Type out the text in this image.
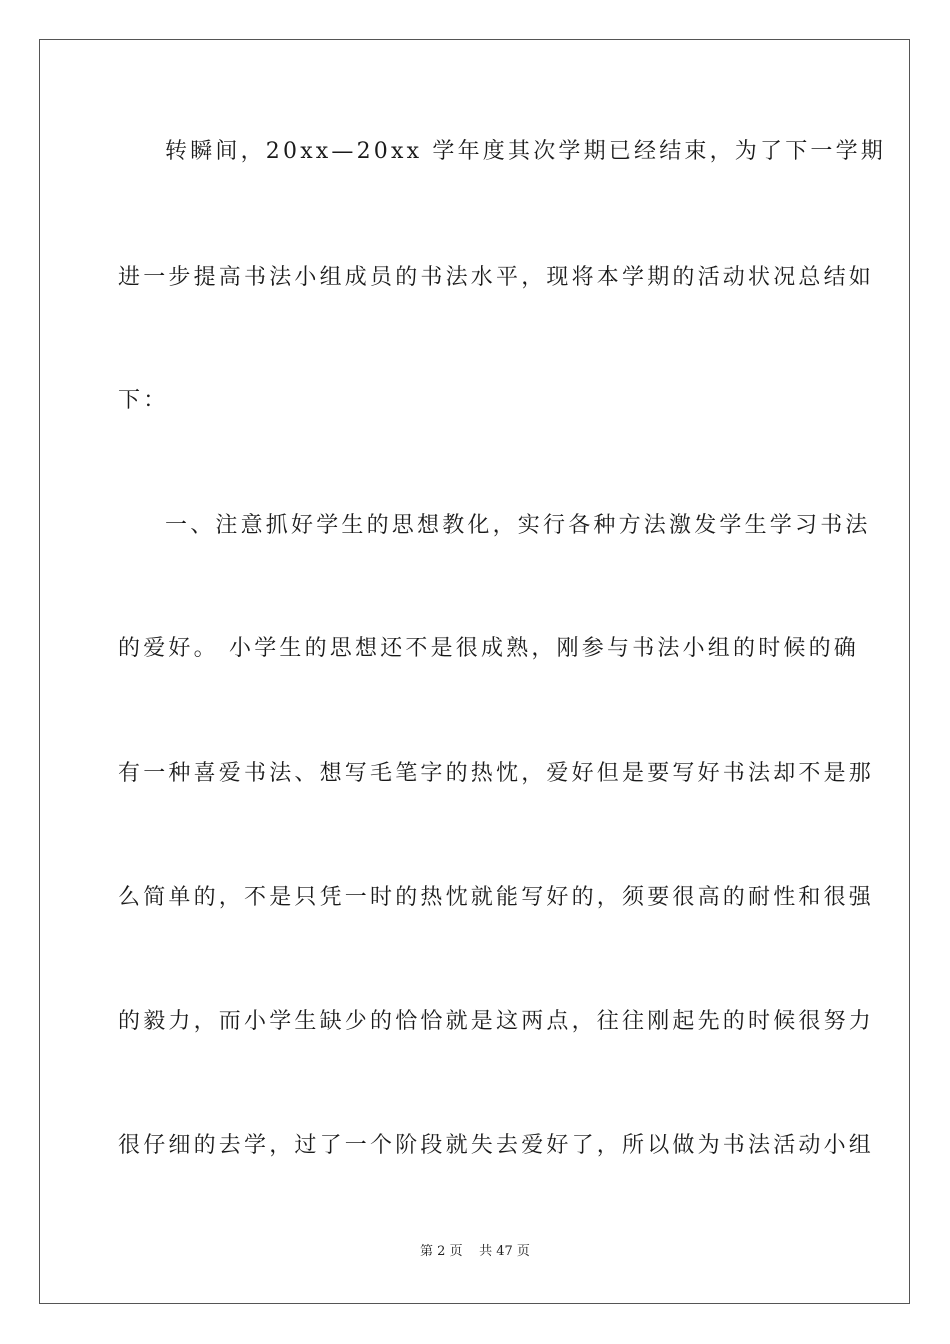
转瞬间，20xx—20xx 学年度其次学期已经结束，为了下一学期
进一步提高书法小组成员的书法水平，现将本学期的活动状况总结如
下：
一、注意抓好学生的思想教化，实行各种方法激发学生学习书法
的爱好。 小学生的思想还不是很成熟，刚参与书法小组的时候的确
有一种喜爱书法、想写毛笔字的热忱，爱好但是要写好书法却不是那
么简单的，不是只凭一时的热忱就能写好的，须要很高的耐性和很强
的毅力，而小学生缺少的恰恰就是这两点，往往刚起先的时候很努力
很仔细的去学，过了一个阶段就失去爱好了，所以做为书法活动小组
第 2 页 共 47 页
